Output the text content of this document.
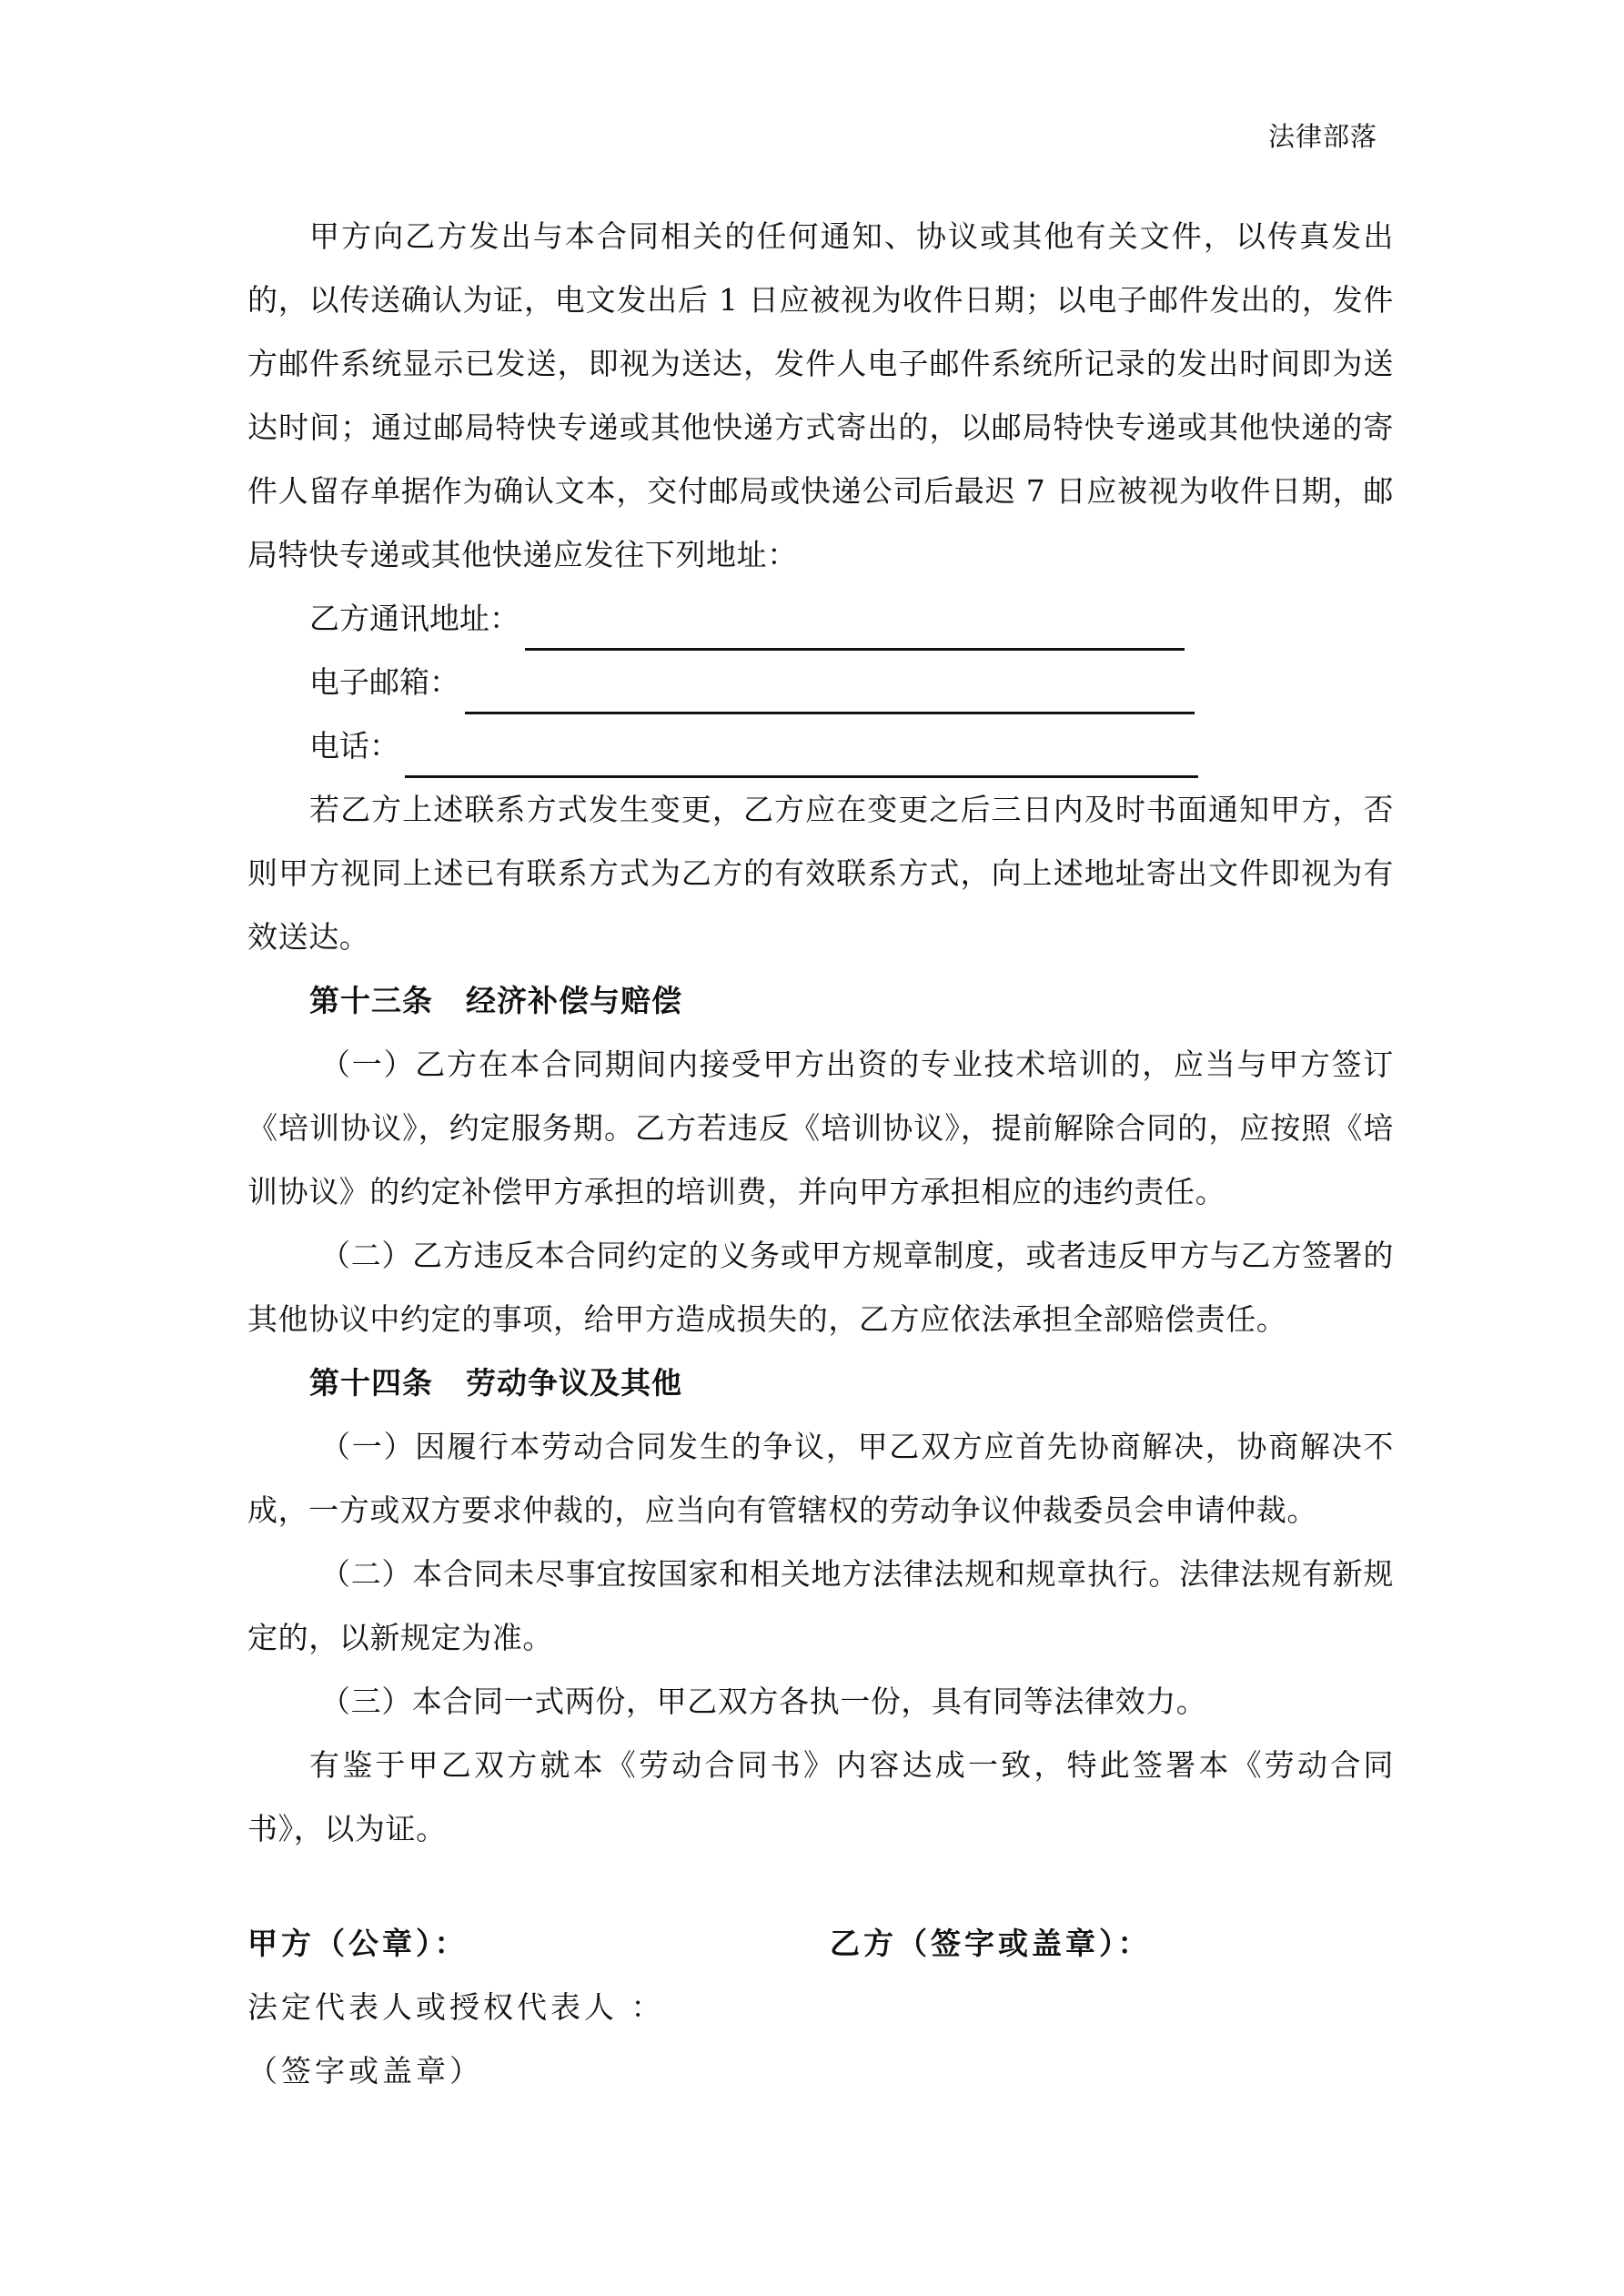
法律部落

甲方向乙方发出与本合同相关的任何通知、协议或其他有关文件，以传真发出的，以传送确认为证，电文发出后 1 日应被视为收件日期；以电子邮件发出的，发件方邮件系统显示已发送，即视为送达，发件人电子邮件系统所记录的发出时间即为送达时间；通过邮局特快专递或其他快递方式寄出的，以邮局特快专递或其他快递的寄件人留存单据作为确认文本，交付邮局或快递公司后最迟 7 日应被视为收件日期，邮局特快专递或其他快递应发往下列地址：

乙方通讯地址：
电子邮箱：
电话：

若乙方上述联系方式发生变更，乙方应在变更之后三日内及时书面通知甲方，否则甲方视同上述已有联系方式为乙方的有效联系方式，向上述地址寄出文件即视为有效送达。

第十三条 经济补偿与赔偿

（一）乙方在本合同期间内接受甲方出资的专业技术培训的，应当与甲方签订《培训协议》，约定服务期。乙方若违反《培训协议》，提前解除合同的，应按照《培训协议》的约定补偿甲方承担的培训费，并向甲方承担相应的违约责任。

（二）乙方违反本合同约定的义务或甲方规章制度，或者违反甲方与乙方签署的其他协议中约定的事项，给甲方造成损失的，乙方应依法承担全部赔偿责任。

第十四条 劳动争议及其他

（一）因履行本劳动合同发生的争议，甲乙双方应首先协商解决，协商解决不成，一方或双方要求仲裁的，应当向有管辖权的劳动争议仲裁委员会申请仲裁。

（二）本合同未尽事宜按国家和相关地方法律法规和规章执行。法律法规有新规定的，以新规定为准。

（三）本合同一式两份，甲乙双方各执一份，具有同等法律效力。

有鉴于甲乙双方就本《劳动合同书》内容达成一致，特此签署本《劳动合同书》，以为证。

甲方（公章）：	乙方（签字或盖章）：

法定代表人或授权代表人 ：

（签字或盖章）
